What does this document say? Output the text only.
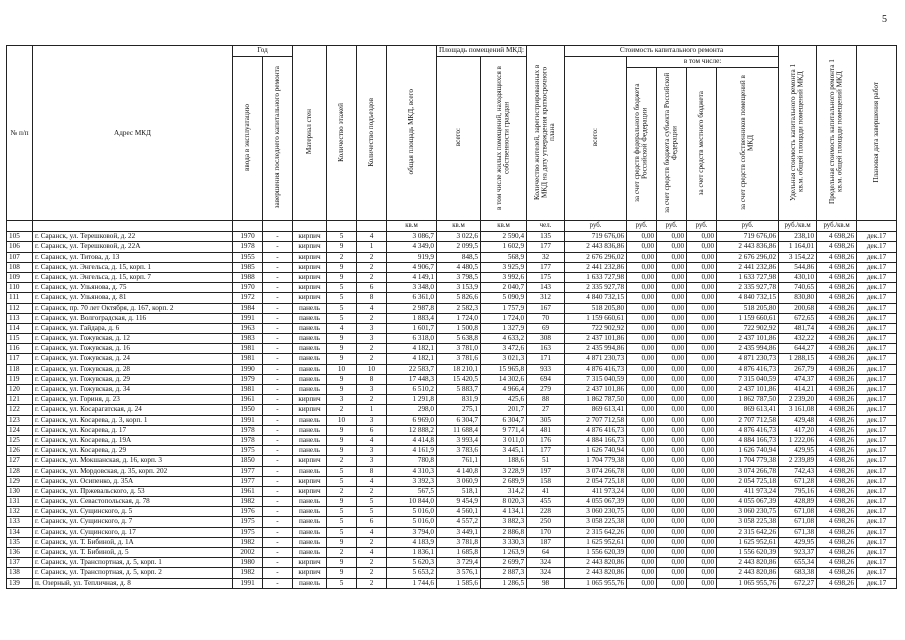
5
№ п/п	Адрес МКД	Год		Материал стен	Количество этажей	Количество подъездов	общая площадь МКД, всего	Площадь помещений МКД:		Количество жителей, зарегистрированных в МКД на дату утверждения краткосрочного плана	Стоимость капитального ремонта					Удельная стоимость капитального ремонта 1 кв.м. общей площади помещений МКД	Предельная стоимость капитального ремонта 1 кв.м. общей площади помещений МКД	Плановая дата завершения работ
		ввода в эксплуатацию	завершения последнего капитального ремонта					всего:	в том числе жилых помещений, находящихся в собственности граждан		всего:	в том числе:						
												за счет средств федерального бюджета Российской Федерации	за счет средств бюджета субъекта Российской Федерации	за счет средств местного бюджета	за счет средств собственников помещений в МКД			
							кв.м	кв.м	кв.м	чел.	руб.	руб.	руб.	руб.	руб.	руб./кв.м	руб./кв.м	
105	г. Саранск, ул. Терешковой, д. 22	1970	-	кирпич	5	4	3 086,7	3 022,6	2 590,4	135	719 676,06	0,00	0,00	0,00	719 676,06	238,10	4 698,26	дек.17
106	г. Саранск, ул. Терешковой, д. 22А	1978	-	кирпич	9	1	4 349,0	2 099,5	1 602,9	177	2 443 836,86	0,00	0,00	0,00	2 443 836,86	1 164,01	4 698,26	дек.17
107	г. Саранск, ул. Титова, д. 13	1955	-	кирпич	2	2	919,9	848,5	568,9	32	2 676 296,02	0,00	0,00	0,00	2 676 296,02	3 154,22	4 698,26	дек.17
108	г. Саранск, ул. Энгельса, д. 15, корп. 1	1985	-	кирпич	9	2	4 906,7	4 480,5	3 925,9	177	2 441 232,86	0,00	0,00	0,00	2 441 232,86	544,86	4 698,26	дек.17
109	г. Саранск, ул. Энгельса, д. 15, корп. 7	1988	-	кирпич	9	2	4 149,1	3 798,5	3 992,6	175	1 633 727,98	0,00	0,00	0,00	1 633 727,98	430,10	4 698,26	дек.17
110	г. Саранск, ул. Ульянова, д. 75	1970	-	кирпич	5	6	3 348,0	3 153,9	2 040,7	143	2 335 927,78	0,00	0,00	0,00	2 335 927,78	740,65	4 698,26	дек.17
111	г. Саранск, ул. Ульянова, д. 81	1972	-	кирпич	5	8	6 361,0	5 826,6	5 090,9	312	4 840 732,15	0,00	0,00	0,00	4 840 732,15	830,80	4 698,26	дек.17
112	г. Саранск, пр. 70 лет Октября, д. 167, корп. 2	1984	-	панель	5	4	2 987,8	2 582,3	1 757,9	167	518 205,80	0,00	0,00	0,00	518 205,80	200,68	4 698,26	дек.17
113	г. Саранск, ул. Волгоградская, д. 116	1991	-	панель	5	2	1 883,4	1 724,0	1 724,0	70	1 159 660,61	0,00	0,00	0,00	1 159 660,61	672,65	4 698,26	дек.17
114	г. Саранск, ул. Гайдара, д. 6	1963	-	панель	4	3	1 601,7	1 500,8	1 327,9	69	722 902,92	0,00	0,00	0,00	722 902,92	481,74	4 698,26	дек.17
115	г. Саранск, ул. Гожувская, д. 12	1983	-	панель	9	3	6 318,0	5 638,8	4 633,2	308	2 437 101,86	0,00	0,00	0,00	2 437 101,86	432,22	4 698,26	дек.17
116	г. Саранск, ул. Гожувская, д. 16	1981	-	панель	9	2	4 182,1	3 781,0	3 472,6	163	2 435 994,86	0,00	0,00	0,00	2 435 994,86	644,27	4 698,26	дек.17
117	г. Саранск, ул. Гожувская, д. 24	1981	-	панель	9	2	4 182,1	3 781,6	3 021,3	171	4 871 230,73	0,00	0,00	0,00	4 871 230,73	1 288,15	4 698,26	дек.17
118	г. Саранск, ул. Гожувская, д. 28	1990	-	панель	10	10	22 583,7	18 210,1	15 965,8	933	4 876 416,73	0,00	0,00	0,00	4 876 416,73	267,79	4 698,26	дек.17
119	г. Саранск, ул. Гожувская, д. 29	1979	-	панель	9	8	17 448,3	15 420,5	14 302,6	694	7 315 040,59	0,00	0,00	0,00	7 315 040,59	474,37	4 698,26	дек.17
120	г. Саранск, ул. Гожувская, д. 34	1981	-	панель	9	3	6 510,2	5 883,7	4 966,4	279	2 437 101,86	0,00	0,00	0,00	2 437 101,86	414,21	4 698,26	дек.17
121	г. Саранск, ул. Гориня, д. 23	1961	-	кирпич	3	2	1 291,8	831,9	425,6	88	1 862 787,50	0,00	0,00	0,00	1 862 787,50	2 239,20	4 698,26	дек.17
122	г. Саранск, ул. Косарагатская, д. 24	1950	-	кирпич	2	1	298,0	275,1	201,7	27	869 613,41	0,00	0,00	0,00	869 613,41	3 161,08	4 698,26	дек.17
123	г. Саранск, ул. Косарева, д. 3, корп. 1	1991	-	панель	10	3	6 969,0	6 304,7	6 304,7	305	2 707 712,58	0,00	0,00	0,00	2 707 712,58	429,48	4 698,26	дек.17
124	г. Саранск, ул. Косарева, д. 17	1978	-	панель	9	6	12 888,2	11 688,4	9 771,4	481	4 876 416,73	0,00	0,00	0,00	4 876 416,73	417,20	4 698,26	дек.17
125	г. Саранск, ул. Косарева, д. 19А	1978	-	панель	9	4	4 414,8	3 993,4	3 011,0	176	4 884 166,73	0,00	0,00	0,00	4 884 166,73	1 222,06	4 698,26	дек.17
126	г. Саранск, ул. Косарева, д. 29	1975	-	панель	9	3	4 161,9	3 783,6	3 445,1	177	1 626 740,94	0,00	0,00	0,00	1 626 740,94	429,95	4 698,26	дек.17
127	г. Саранск, ул. Мокшанская, д. 16, корп. 3	1850	-	кирпич	2	3	780,8	761,1	188,6	51	1 704 779,38	0,00	0,00	0,00	1 704 779,38	2 239,89	4 698,26	дек.17
128	г. Саранск, ул. Мордовская, д. 35, корп. 202	1977	-	панель	5	8	4 310,3	4 140,8	3 228,9	197	3 074 266,78	0,00	0,00	0,00	3 074 266,78	742,43	4 698,26	дек.17
129	г. Саранск, ул. Осипенко, д. 35А	1977	-	кирпич	5	4	3 392,3	3 060,9	2 689,9	158	2 054 725,18	0,00	0,00	0,00	2 054 725,18	671,28	4 698,26	дек.17
130	г. Саранск, ул. Пржевальского, д. 53	1961	-	кирпич	2	2	567,5	518,1	314,2	41	411 973,24	0,00	0,00	0,00	411 973,24	795,16	4 698,26	дек.17
131	г. Саранск, ул. Севастопольская, д. 78	1982	-	панель	9	5	10 844,0	9 454,9	8 020,3	455	4 055 067,39	0,00	0,00	0,00	4 055 067,39	428,89	4 698,26	дек.17
132	г. Саранск, ул. Сущинского, д. 5	1976	-	панель	5	5	5 016,0	4 560,1	4 134,1	228	3 060 230,75	0,00	0,00	0,00	3 060 230,75	671,08	4 698,26	дек.17
133	г. Саранск, ул. Сущинского, д. 7	1975	-	панель	5	6	5 016,0	4 557,2	3 882,3	250	3 058 225,38	0,00	0,00	0,00	3 058 225,38	671,08	4 698,26	дек.17
134	г. Саранск, ул. Сущинского, д. 17	1975	-	панель	5	4	3 794,0	3 449,1	2 886,8	170	2 315 642,26	0,00	0,00	0,00	2 315 642,26	671,38	4 698,26	дек.17
135	г. Саранск, ул. Т. Бибиной, д. 1А	1982	-	панель	9	2	4 183,9	3 781,8	3 330,3	187	1 625 952,61	0,00	0,00	0,00	1 625 952,61	429,95	4 698,26	дек.17
136	г. Саранск, ул. Т. Бибиной, д. 5	2002	-	панель	2	4	1 836,1	1 685,8	1 263,9	64	1 556 620,39	0,00	0,00	0,00	1 556 620,39	923,37	4 698,26	дек.17
137	г. Саранск, ул. Транспортная, д. 5, корп. 1	1980	-	кирпич	9	2	5 620,3	3 729,4	2 699,7	324	2 443 820,86	0,00	0,00	0,00	2 443 820,86	655,34	4 698,26	дек.17
138	г. Саранск, ул. Транспортная, д. 5, корп. 2	1982	-	кирпич	9	2	5 653,2	3 576,1	2 887,3	324	2 443 820,86	0,00	0,00	0,00	2 443 820,86	683,38	4 698,26	дек.17
139	п. Озерный, ул. Тепличная, д. 8	1991	-	панель	5	2	1 744,6	1 585,6	1 286,5	98	1 065 955,76	0,00	0,00	0,00	1 065 955,76	672,27	4 698,26	дек.17
